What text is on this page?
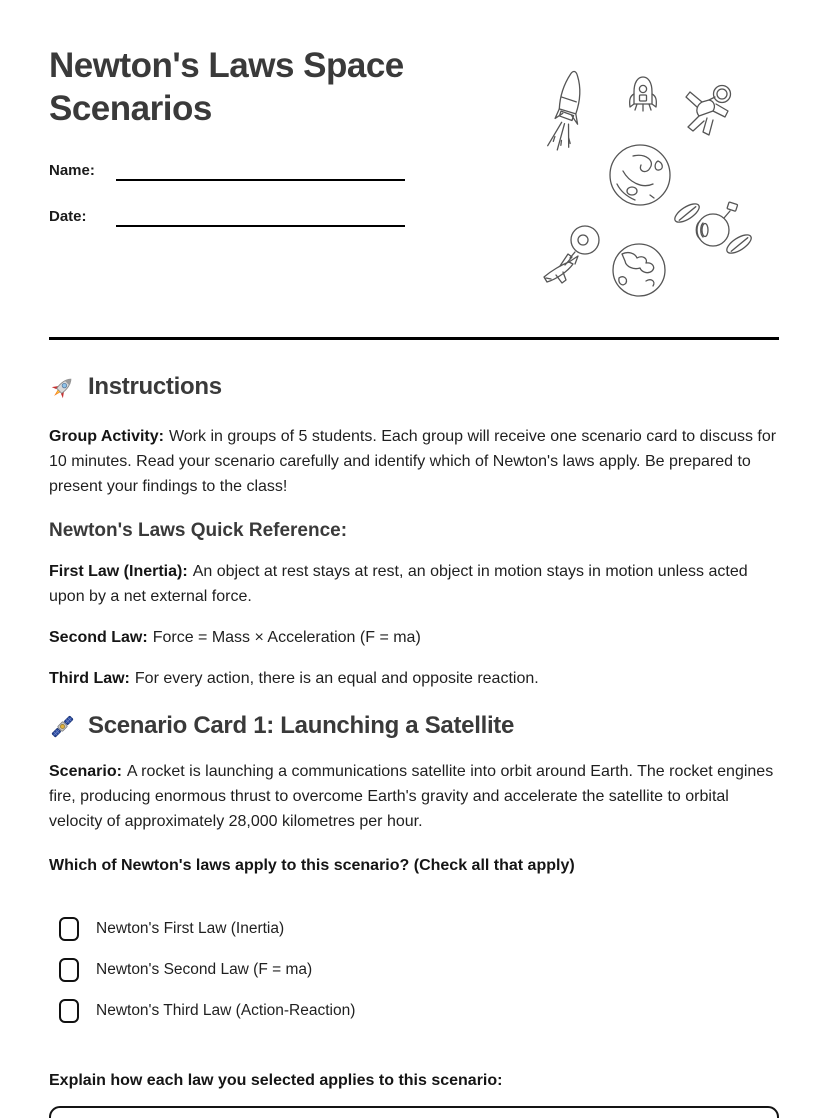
Newton's Laws Space Scenarios
Name:
Date:
Instructions

Group Activity: Work in groups of 5 students. Each group will receive one scenario card to discuss for 10 minutes. Read your scenario carefully and identify which of Newton's laws apply. Be prepared to present your findings to the class!

Newton's Laws Quick Reference:

First Law (Inertia): An object at rest stays at rest, an object in motion stays in motion unless acted upon by a net external force.

Second Law: Force = Mass × Acceleration (F = ma)

Third Law: For every action, there is an equal and opposite reaction.

Scenario Card 1: Launching a Satellite

Scenario: A rocket is launching a communications satellite into orbit around Earth. The rocket engines fire, producing enormous thrust to overcome Earth's gravity and accelerate the satellite to orbital velocity of approximately 28,000 kilometres per hour.

Which of Newton's laws apply to this scenario? (Check all that apply)

Newton's First Law (Inertia)
Newton's Second Law (F = ma)
Newton's Third Law (Action-Reaction)

Explain how each law you selected applies to this scenario:
